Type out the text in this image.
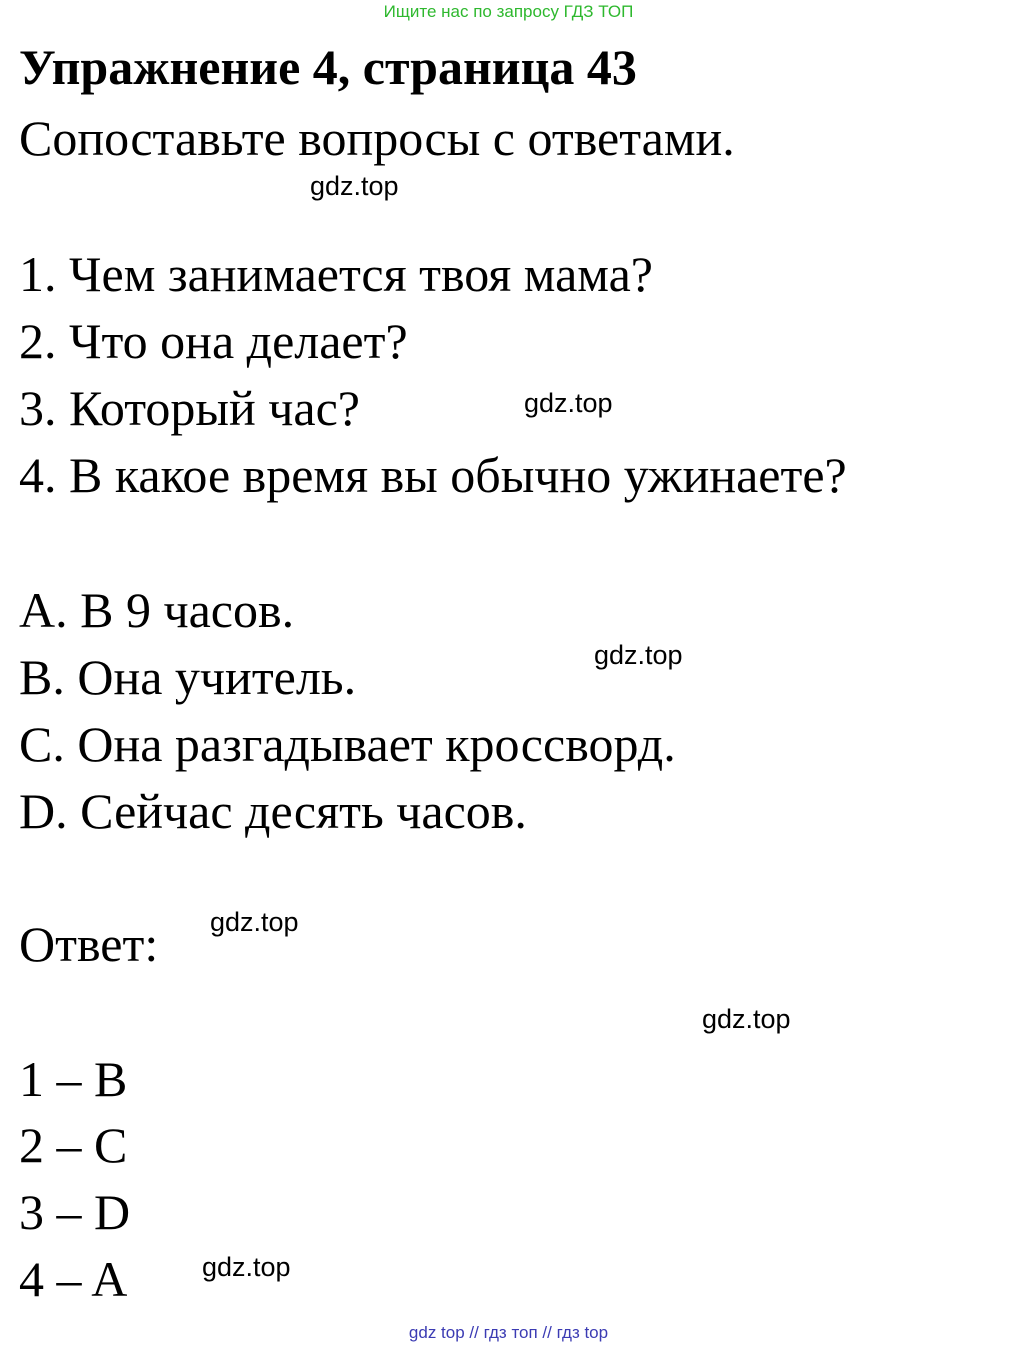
Ищите нас по запросу ГДЗ ТОП
Упражнение 4, страница 43
Сопоставьте вопросы с ответами.
gdz.top
1. Чем занимается твоя мама?
2. Что она делает?
3. Который час?	gdz.top
4. В какое время вы обычно ужинаете?
A. В 9 часов.
gdz.top
B. Она учитель.
C. Она разгадывает кроссворд.
D. Сейчас десять часов.
Ответ: gdz.top
gdz.top
1 – B
2 – C
3 – D
4 – A	gdz.top
gdz top // гдз топ // гдз top
